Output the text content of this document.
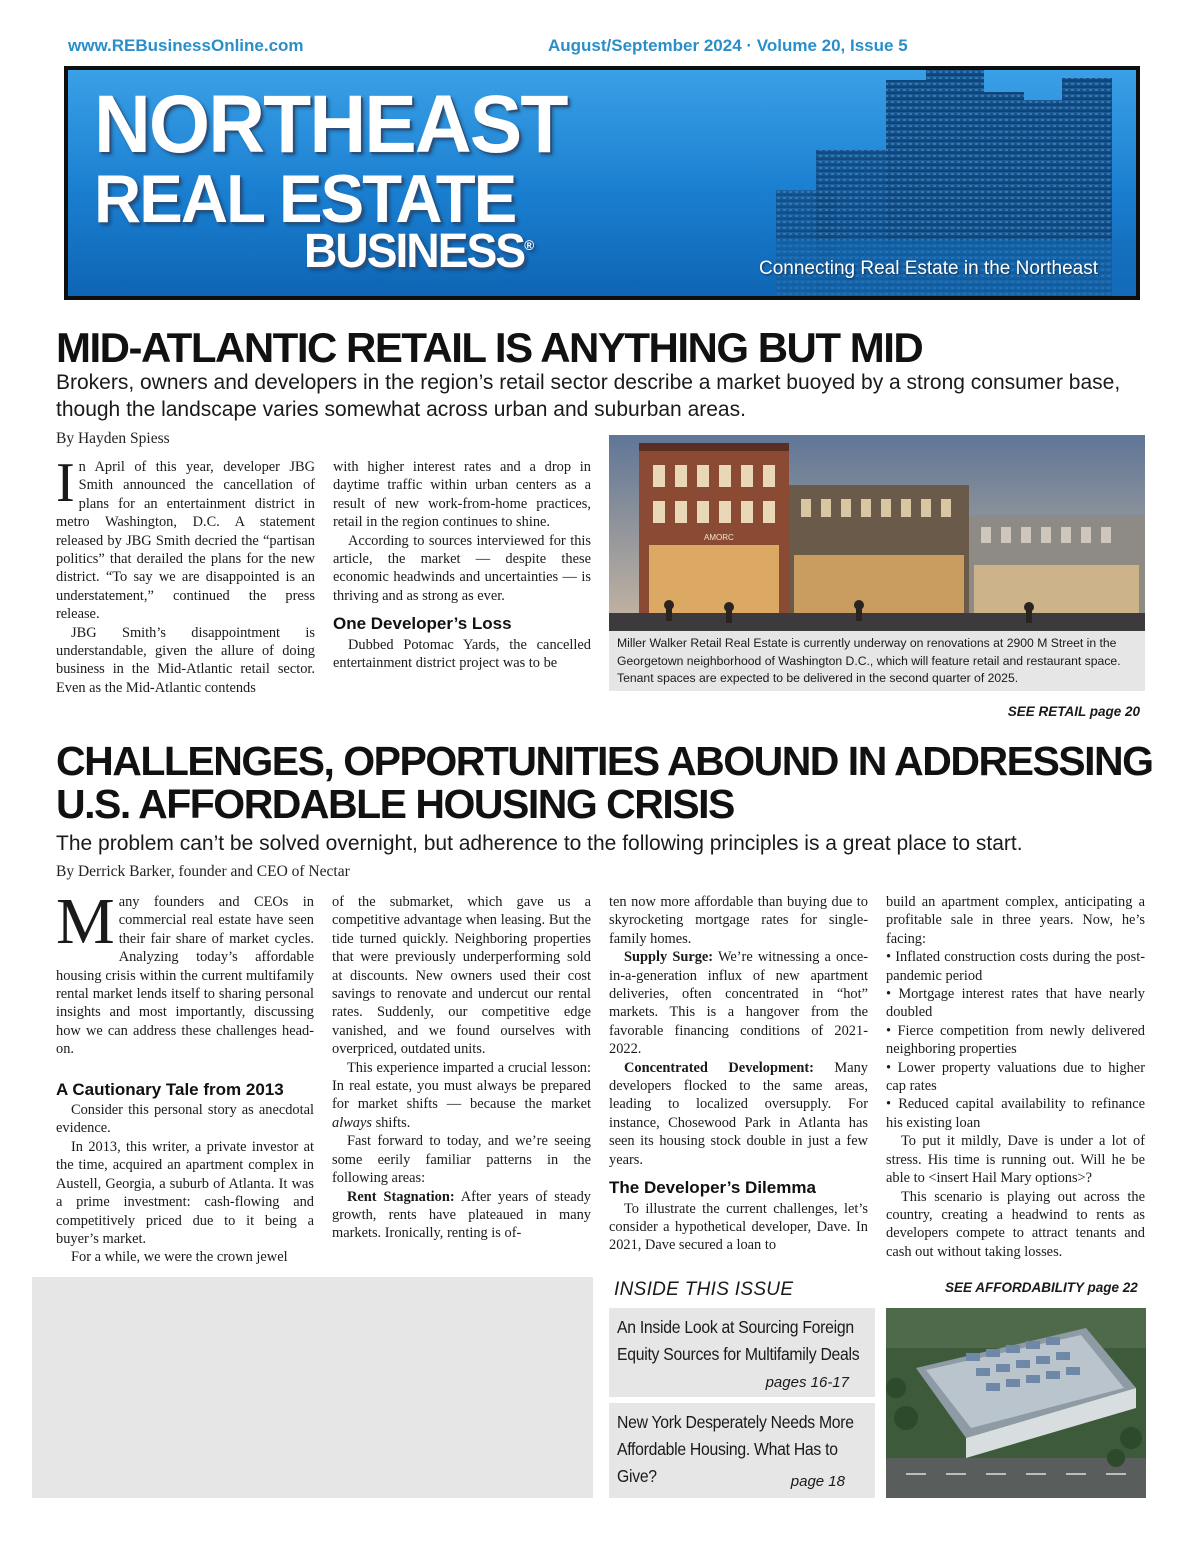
www.REBusinessOnline.com	August/September 2024 · Volume 20, Issue 5
NORTHEAST
REAL ESTATE
BUSINESS®
Connecting Real Estate in the Northeast
MID-ATLANTIC RETAIL IS ANYTHING BUT MID
Brokers, owners and developers in the region’s retail sector describe a market buoyed by a strong consumer base, though the landscape varies somewhat across urban and suburban areas.
By Hayden Spiess

In April of this year, developer JBG Smith announced the cancellation of plans for an entertainment district in metro Washington, D.C. A statement released by JBG Smith decried the “partisan politics” that derailed the plans for the new district. “To say we are disappointed is an understatement,” continued the press release.

JBG Smith’s disappointment is understandable, given the allure of doing business in the Mid-Atlantic retail sector. Even as the Mid-Atlantic contends

with higher interest rates and a drop in daytime traffic within urban centers as a result of new work-from-home practices, retail in the region continues to shine.

According to sources interviewed for this article, the market — despite these economic headwinds and uncertainties — is thriving and as strong as ever.

One Developer’s Loss

Dubbed Potomac Yards, the cancelled entertainment district project was to be

AMORC
Miller Walker Retail Real Estate is currently underway on renovations at 2900 M Street in the Georgetown neighborhood of Washington D.C., which will feature retail and restaurant space. Tenant spaces are expected to be delivered in the second quarter of 2025.
SEE RETAIL page 20
CHALLENGES, OPPORTUNITIES ABOUND IN ADDRESSING
U.S. AFFORDABLE HOUSING CRISIS
The problem can’t be solved overnight, but adherence to the following principles is a great place to start.
By Derrick Barker, founder and CEO of Nectar

Many founders and CEOs in commercial real estate have seen their fair share of market cycles. Analyzing today’s affordable housing crisis within the current multifamily rental market lends itself to sharing personal insights and most importantly, discussing how we can address these challenges head-on.

A Cautionary Tale from 2013

Consider this personal story as anecdotal evidence.

In 2013, this writer, a private investor at the time, acquired an apartment complex in Austell, Georgia, a suburb of Atlanta. It was a prime investment: cash-flowing and competitively priced due to it being a buyer’s market.

For a while, we were the crown jewel

of the submarket, which gave us a competitive advantage when leasing. But the tide turned quickly. Neighboring properties that were previously underperforming sold at discounts. New owners used their cost savings to renovate and undercut our rental rates. Suddenly, our competitive edge vanished, and we found ourselves with overpriced, outdated units.

This experience imparted a crucial lesson: In real estate, you must always be prepared for market shifts — because the market always shifts.

Fast forward to today, and we’re seeing some eerily familiar patterns in the following areas:

Rent Stagnation: After years of steady growth, rents have plateaued in many markets. Ironically, renting is of-

ten now more affordable than buying due to skyrocketing mortgage rates for single-family homes.

Supply Surge: We’re witnessing a once-in-a-generation influx of new apartment deliveries, often concentrated in “hot” markets. This is a hangover from the favorable financing conditions of 2021-2022.

Concentrated Development: Many developers flocked to the same areas, leading to localized oversupply. For instance, Chosewood Park in Atlanta has seen its housing stock double in just a few years.

The Developer’s Dilemma

To illustrate the current challenges, let’s consider a hypothetical developer, Dave. In 2021, Dave secured a loan to

build an apartment complex, anticipating a profitable sale in three years. Now, he’s facing:

• Inflated construction costs during the post-pandemic period

• Mortgage interest rates that have nearly doubled

• Fierce competition from newly delivered neighboring properties

• Lower property valuations due to higher cap rates

• Reduced capital availability to refinance his existing loan

To put it mildly, Dave is under a lot of stress. His time is running out. Will he be able to <insert Hail Mary options>?

This scenario is playing out across the country, creating a headwind to rents as developers compete to attract tenants and cash out without taking losses.

INSIDE THIS ISSUE	SEE AFFORDABILITY page 22
An Inside Look at Sourcing Foreign Equity Sources for Multifamily Deals
pages 16-17
New York Desperately Needs More Affordable Housing. What Has to Give?	page 18
